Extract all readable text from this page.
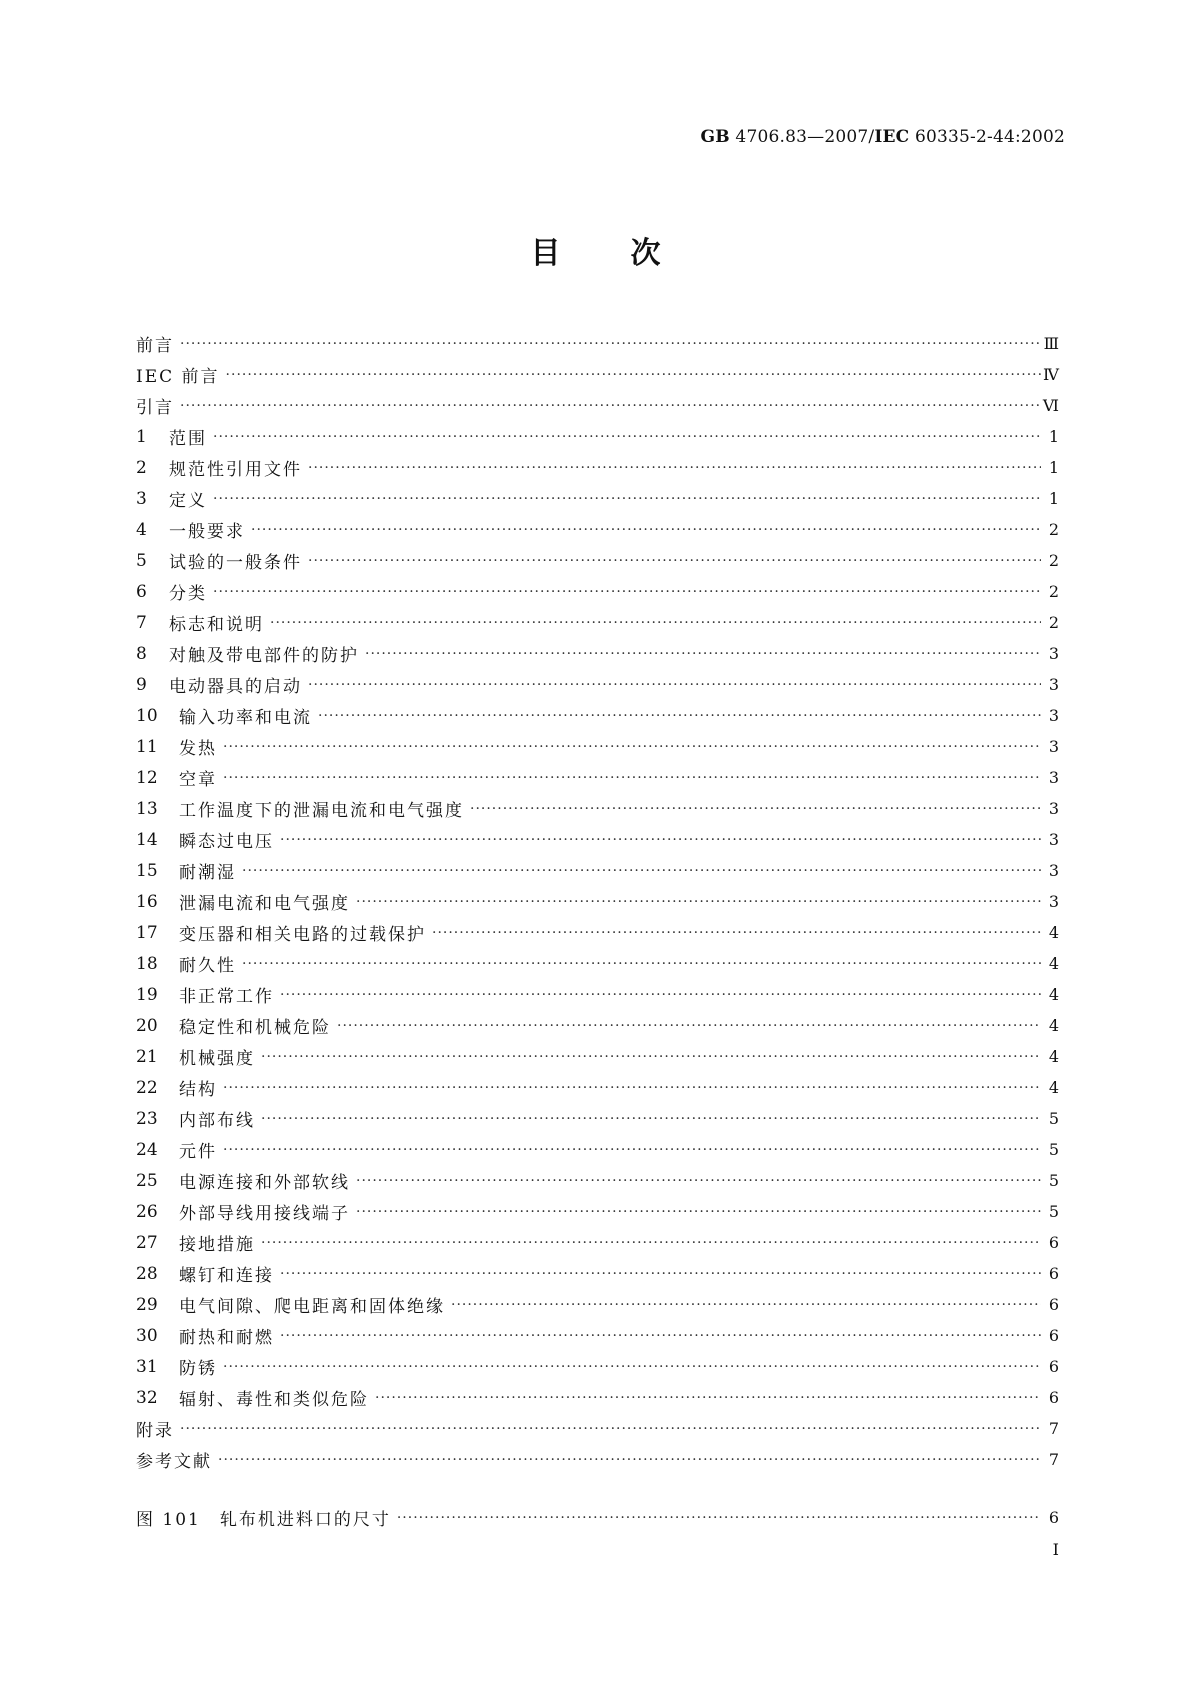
GB 4706.83—2007/IEC 60335-2-44:2002
目 次
前言 ·····	Ⅲ
IEC 前言 ·····	Ⅳ
引言 ·····	Ⅵ
1	范围 ·····	1
2	规范性引用文件 ·····	1
3	定义 ·····	1
4	一般要求 ·····	2
5	试验的一般条件 ·····	2
6	分类 ·····	2
7	标志和说明 ·····	2
8	对触及带电部件的防护 ·····	3
9	电动器具的启动 ·····	3
10	输入功率和电流 ·····	3
11	发热 ·····	3
12	空章 ·····	3
13	工作温度下的泄漏电流和电气强度 ·····	3
14	瞬态过电压 ·····	3
15	耐潮湿 ·····	3
16	泄漏电流和电气强度 ·····	3
17	变压器和相关电路的过载保护 ·····	4
18	耐久性 ·····	4
19	非正常工作 ·····	4
20	稳定性和机械危险 ·····	4
21	机械强度 ·····	4
22	结构 ·····	4
23	内部布线 ·····	5
24	元件 ·····	5
25	电源连接和外部软线 ·····	5
26	外部导线用接线端子 ·····	5
27	接地措施 ·····	6
28	螺钉和连接 ·····	6
29	电气间隙、爬电距离和固体绝缘 ·····	6
30	耐热和耐燃 ·····	6
31	防锈 ·····	6
32	辐射、毒性和类似危险 ·····	6
附录 ·····	7
参考文献 ·····	7
图 101　轧布机进料口的尺寸 ·····	6
I
